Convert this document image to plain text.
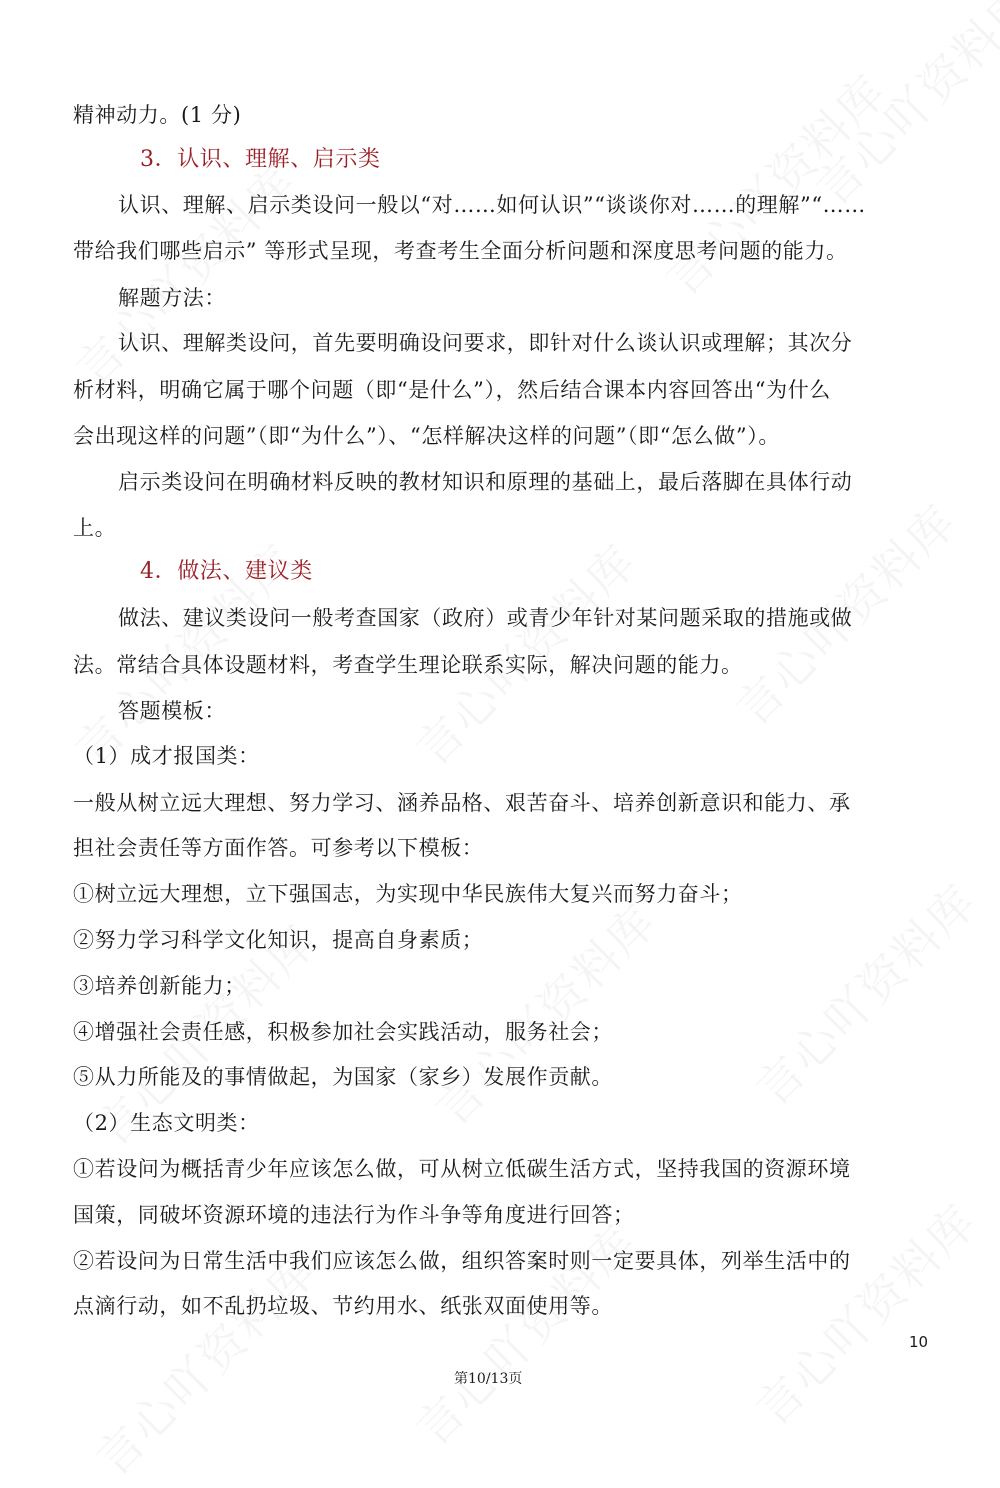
10
第10/13页
精神动力。(1 分)
3．认识、理解、启示类
认识、理解、启示类设问一般以“对……如何认识”“谈谈你对……的理解”“……
带给我们哪些启示” 等形式呈现，考查考生全面分析问题和深度思考问题的能力。
解题方法：
认识、理解类设问，首先要明确设问要求，即针对什么谈认识或理解；其次分
析材料，明确它属于哪个问题（即“是什么”），然后结合课本内容回答出“为什么
会出现这样的问题”（即“为什么”）、“怎样解决这样的问题”（即“怎么做”）。
启示类设问在明确材料反映的教材知识和原理的基础上，最后落脚在具体行动
上。
4．做法、建议类
做法、建议类设问一般考查国家（政府）或青少年针对某问题采取的措施或做
法。常结合具体设题材料，考查学生理论联系实际，解决问题的能力。
答题模板：
（1）成才报国类：
一般从树立远大理想、努力学习、涵养品格、艰苦奋斗、培养创新意识和能力、承
担社会责任等方面作答。可参考以下模板：
①树立远大理想，立下强国志，为实现中华民族伟大复兴而努力奋斗；
②努力学习科学文化知识，提高自身素质；
③培养创新能力；
④增强社会责任感，积极参加社会实践活动，服务社会；
⑤从力所能及的事情做起，为国家（家乡）发展作贡献。
（2）生态文明类：
①若设问为概括青少年应该怎么做，可从树立低碳生活方式，坚持我国的资源环境
国策，同破坏资源环境的违法行为作斗争等角度进行回答；
②若设问为日常生活中我们应该怎么做，组织答案时则一定要具体，列举生活中的
点滴行动，如不乱扔垃圾、节约用水、纸张双面使用等。
